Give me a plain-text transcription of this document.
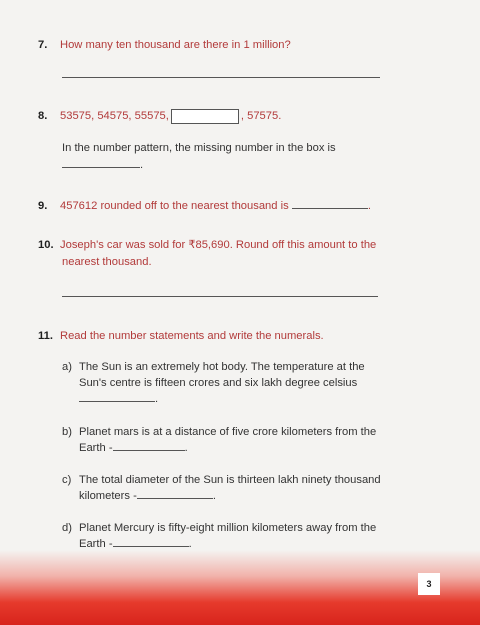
7. How many ten thousand are there in 1 million?
8. 53575, 54575, 55575,	, 57575.
In the number pattern, the missing number in the box is
.
9. 457612 rounded off to the nearest thousand is	.
10. Joseph's car was sold for ₹85,690. Round off this amount to the
nearest thousand.
11. Read the number statements and write the numerals.
a) The Sun is an extremely hot body. The temperature at the
Sun's centre is fifteen crores and six lakh degree celsius
.
b) Planet mars is at a distance of five crore kilometers from the
Earth -	.
c) The total diameter of the Sun is thirteen lakh ninety thousand
kilometers -	.
d) Planet Mercury is fifty-eight million kilometers away from the
Earth -	.
3
